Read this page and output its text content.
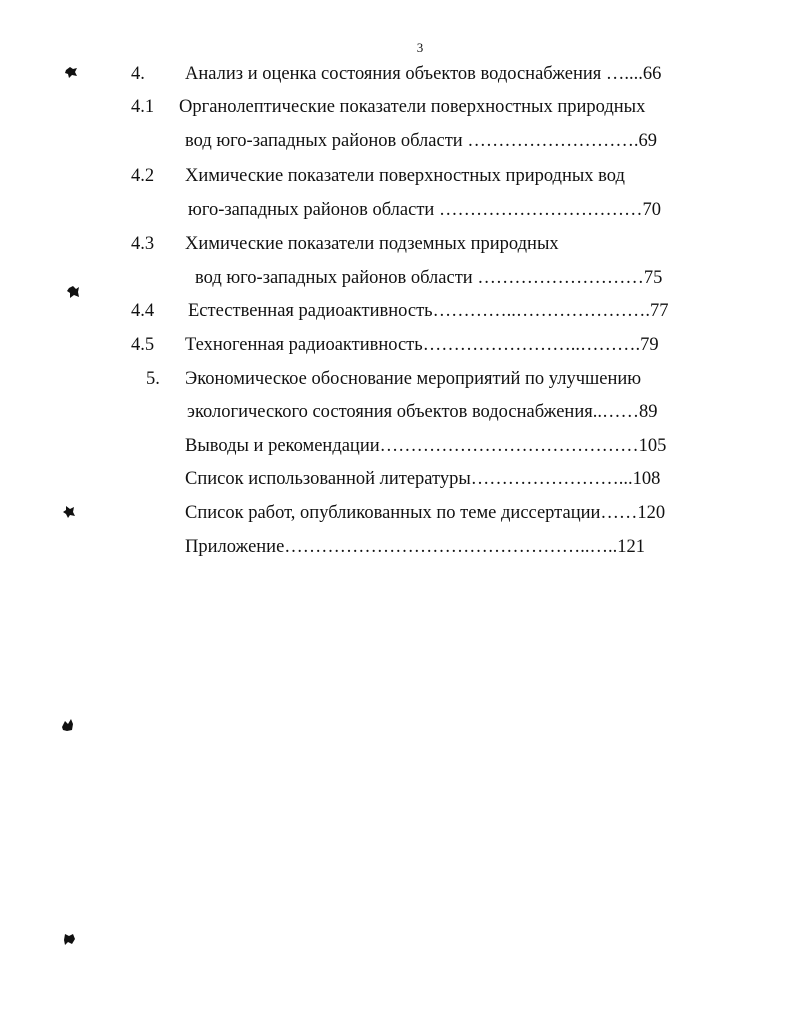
3
4. Анализ и оценка состояния объектов водоснабжения …....66
4.1 Органолептические показатели поверхностных природных
вод юго-западных районов области ……………………….69
4.2 Химические показатели поверхностных природных вод
юго-западных районов области ……………………………70
4.3 Химические показатели подземных природных
вод юго-западных районов области ………………………75
4.4 Естественная радиоактивность…………..………………….77
4.5 Техногенная радиоактивность……………………..……….79
5. Экономическое обоснование мероприятий по улучшению
экологического состояния объектов водоснабжения..……89
Выводы и рекомендации……………………………………105
Список использованной литературы……………………...108
Список работ, опубликованных по теме диссертации……120
Приложение…………………………………………..…..121
